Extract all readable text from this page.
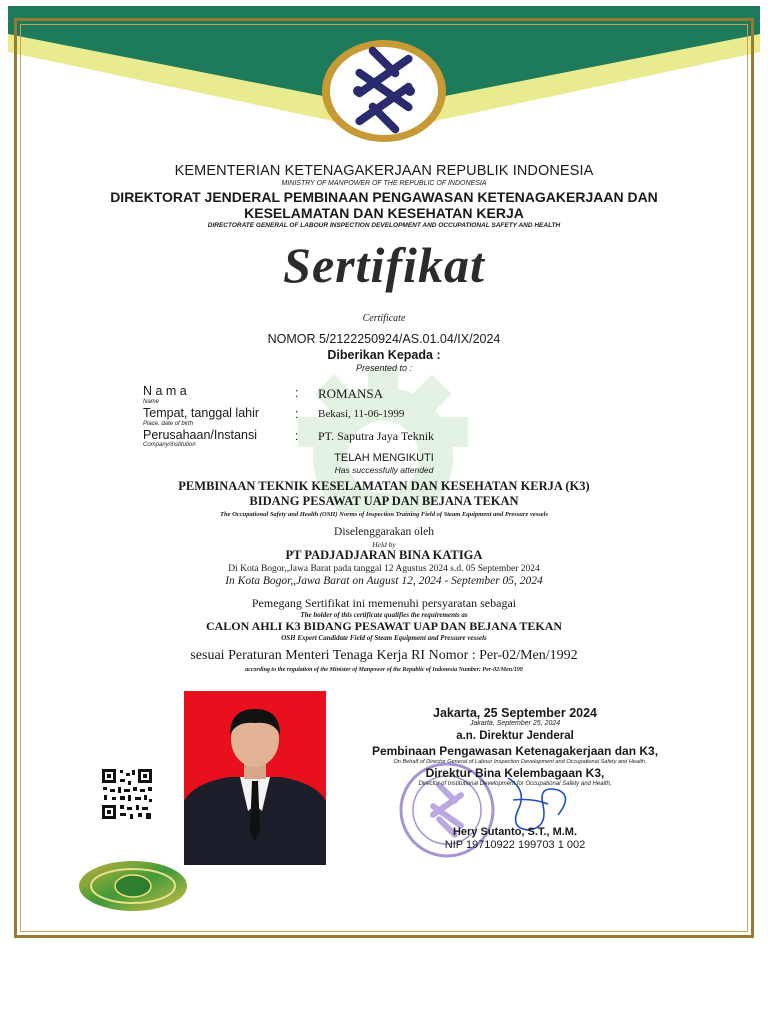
KEMENTERIAN KETENAGAKERJAAN REPUBLIK INDONESIA
MINISTRY OF MANPOWER OF THE REPUBLIC OF INDONESIA
DIREKTORAT JENDERAL PEMBINAAN PENGAWASAN KETENAGAKERJAAN DAN
KESELAMATAN DAN KESEHATAN KERJA
DIRECTORATE GENERAL OF LABOUR INSPECTION DEVELOPMENT AND OCCUPATIONAL SAFETY AND HEALTH
Sertifikat
Certificate
NOMOR 5/2122250924/AS.01.04/IX/2024
Diberikan Kepada :
Presented to :
N a m a
Name
: ROMANSA
Tempat, tanggal lahir
Place, date of birth
: Bekasi, 11-06-1999
Perusahaan/Instansi
Company/institution
: PT. Saputra Jaya Teknik
TELAH MENGIKUTI
Has successfully attended
PEMBINAAN TEKNIK KESELAMATAN DAN KESEHATAN KERJA (K3)
BIDANG PESAWAT UAP DAN BEJANA TEKAN
The Occupational Safety and Health (OSH) Norms of Inspection Training Field of Steam Equipment and Pressure vessels
Diselenggarakan oleh
Held by
PT PADJADJARAN BINA KATIGA
Di Kota Bogor,,Jawa Barat pada tanggal 12 Agustus 2024 s.d. 05 September 2024
In Kota Bogor,,Jawa Barat on August 12, 2024 - September 05, 2024
Pemegang Sertifikat ini memenuhi persyaratan sebagai
The holder of this certificate qualifies the requirements as
CALON AHLI K3 BIDANG PESAWAT UAP DAN BEJANA TEKAN
OSH Expert Candidate Field of Steam Equipment and Pressure vessels
sesuai Peraturan Menteri Tenaga Kerja RI Nomor : Per-02/Men/1992
according to the regulation of the Minister of Manpower of the Republic of Indonesia Number: Per-02/Men/199
Jakarta, 25 September 2024
Jakarta, September 25, 2024
a.n. Direktur Jenderal
Pembinaan Pengawasan Ketenagakerjaan dan K3,
On Behalf of Director General of Labour Inspection Development and Occupational Safety and Health,
Direktur Bina Kelembagaan K3,
Director of Institutional Development for Occupational Safety and Health,
Hery Sutanto, S.T., M.M.
NIP 19710922 199703 1 002
